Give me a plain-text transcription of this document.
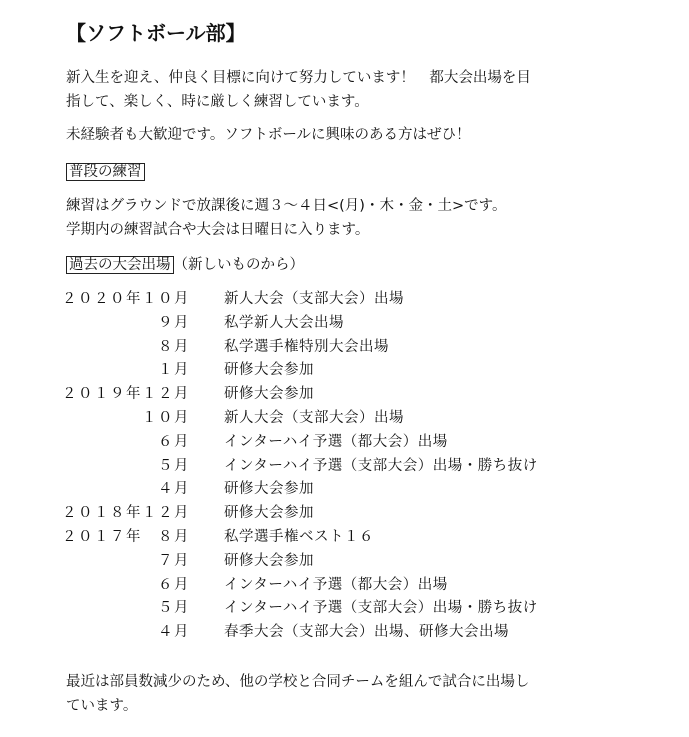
【ソフトボール部】
新入生を迎え、仲良く目標に向けて努力しています！　都大会出場を目
指して、楽しく、時に厳しく練習しています。
未経験者も大歓迎です。ソフトボールに興味のある方はぜひ！
普段の練習
練習はグラウンドで放課後に週３～４日<(月)・木・金・土>です。
学期内の練習試合や大会は日曜日に入ります。
過去の大会出場 （新しいものから）
２０２０年１０月 新人大会（支部大会）出場
９月 私学新人大会出場
８月 私学選手権特別大会出場
１月 研修大会参加
２０１９年１２月 研修大会参加
１０月 新人大会（支部大会）出場
６月 インターハイ予選（都大会）出場
５月 インターハイ予選（支部大会）出場・勝ち抜け
４月 研修大会参加
２０１８年１２月 研修大会参加
２０１７年　８月 私学選手権ベスト１６
７月 研修大会参加
６月 インターハイ予選（都大会）出場
５月 インターハイ予選（支部大会）出場・勝ち抜け
４月 春季大会（支部大会）出場、研修大会出場
最近は部員数減少のため、他の学校と合同チームを組んで試合に出場し
ています。
